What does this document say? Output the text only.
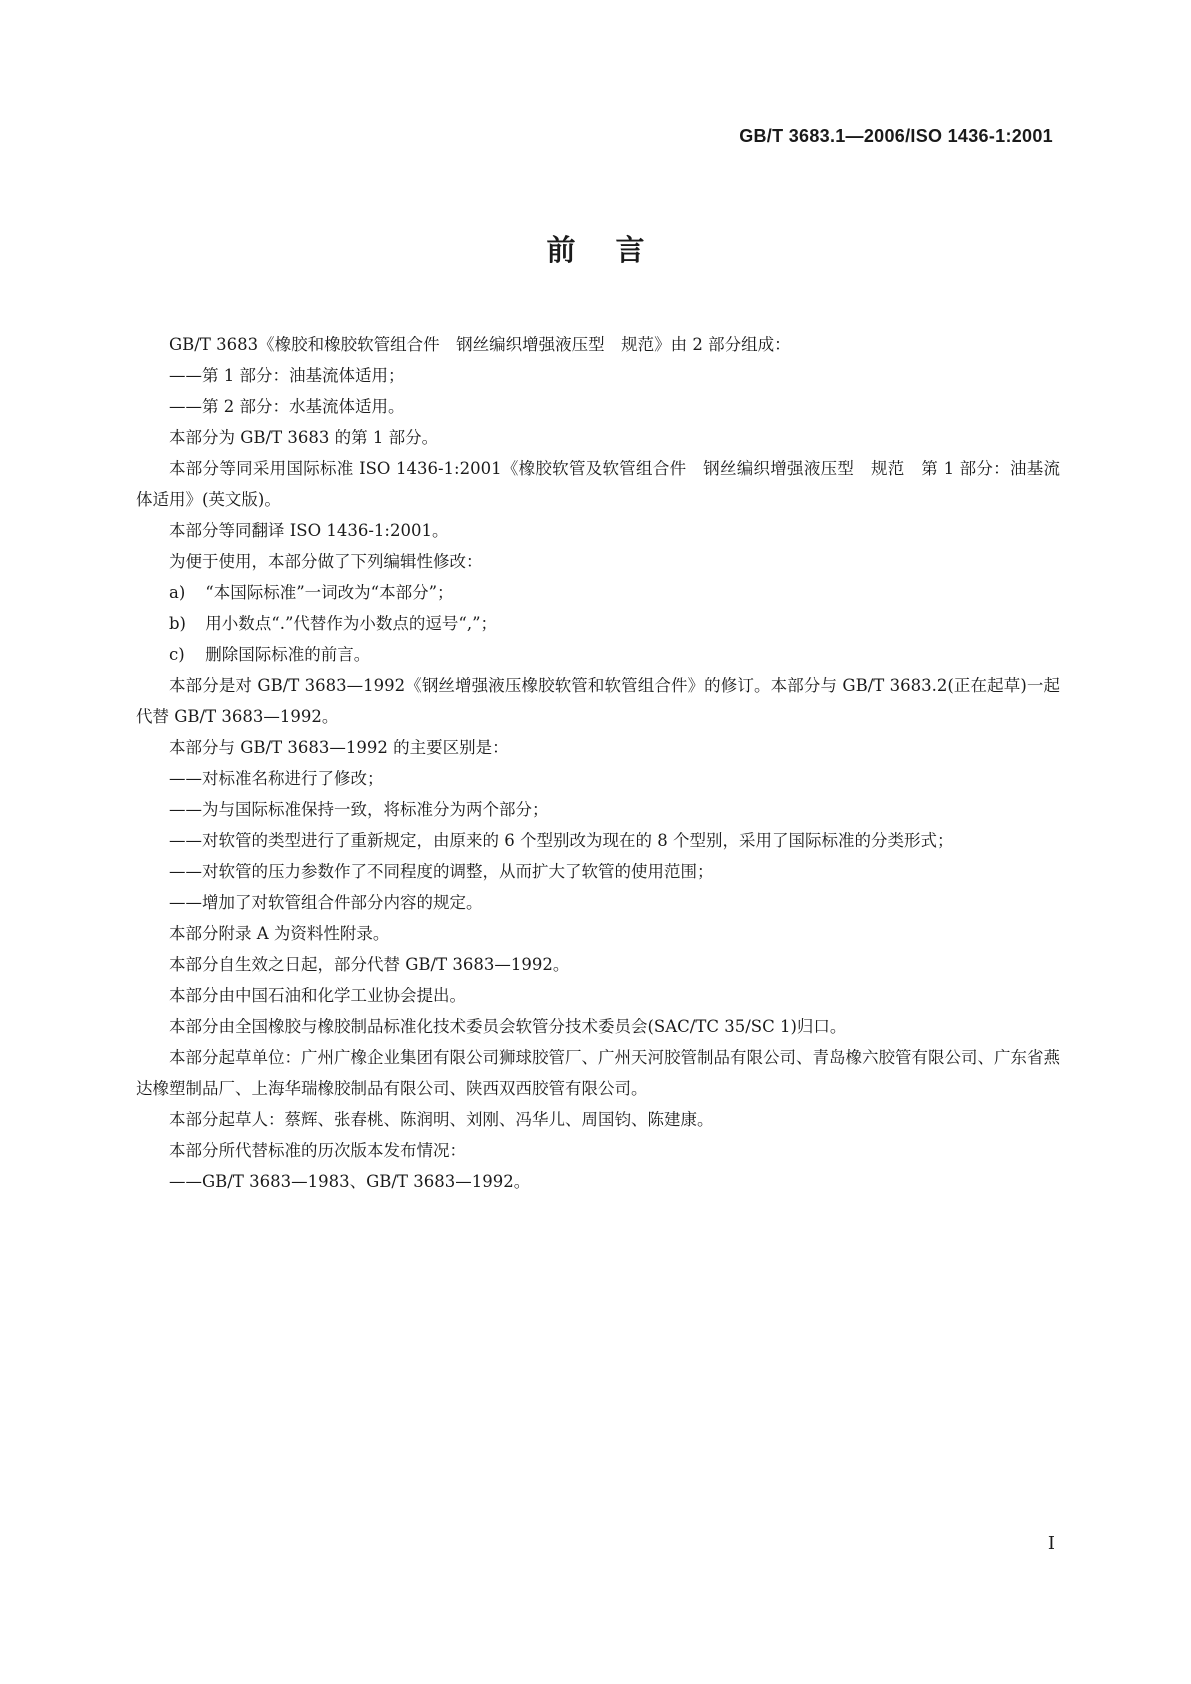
GB/T 3683.1—2006/ISO 1436-1:2001
前言

GB/T 3683《橡胶和橡胶软管组合件　钢丝编织增强液压型　规范》由 2 部分组成：

——第 1 部分：油基流体适用；

——第 2 部分：水基流体适用。

本部分为 GB/T 3683 的第 1 部分。

本部分等同采用国际标准 ISO 1436-1:2001《橡胶软管及软管组合件　钢丝编织增强液压型　规范　第 1 部分：油基流体适用》(英文版)。

本部分等同翻译 ISO 1436-1:2001。

为便于使用，本部分做了下列编辑性修改：

a) “本国际标准”一词改为“本部分”；

b) 用小数点“.”代替作为小数点的逗号“,”；

c) 删除国际标准的前言。

本部分是对 GB/T 3683—1992《钢丝增强液压橡胶软管和软管组合件》的修订。本部分与 GB/T 3683.2(正在起草)一起代替 GB/T 3683—1992。

本部分与 GB/T 3683—1992 的主要区别是：

——对标准名称进行了修改；

——为与国际标准保持一致，将标准分为两个部分；

——对软管的类型进行了重新规定，由原来的 6 个型别改为现在的 8 个型别，采用了国际标准的分类形式；

——对软管的压力参数作了不同程度的调整，从而扩大了软管的使用范围；

——增加了对软管组合件部分内容的规定。

本部分附录 A 为资料性附录。

本部分自生效之日起，部分代替 GB/T 3683—1992。

本部分由中国石油和化学工业协会提出。

本部分由全国橡胶与橡胶制品标准化技术委员会软管分技术委员会(SAC/TC 35/SC 1)归口。

本部分起草单位：广州广橡企业集团有限公司狮球胶管厂、广州天河胶管制品有限公司、青岛橡六胶管有限公司、广东省燕达橡塑制品厂、上海华瑞橡胶制品有限公司、陕西双西胶管有限公司。

本部分起草人：蔡辉、张春桃、陈润明、刘刚、冯华儿、周国钧、陈建康。

本部分所代替标准的历次版本发布情况：

——GB/T 3683—1983、GB/T 3683—1992。

I
